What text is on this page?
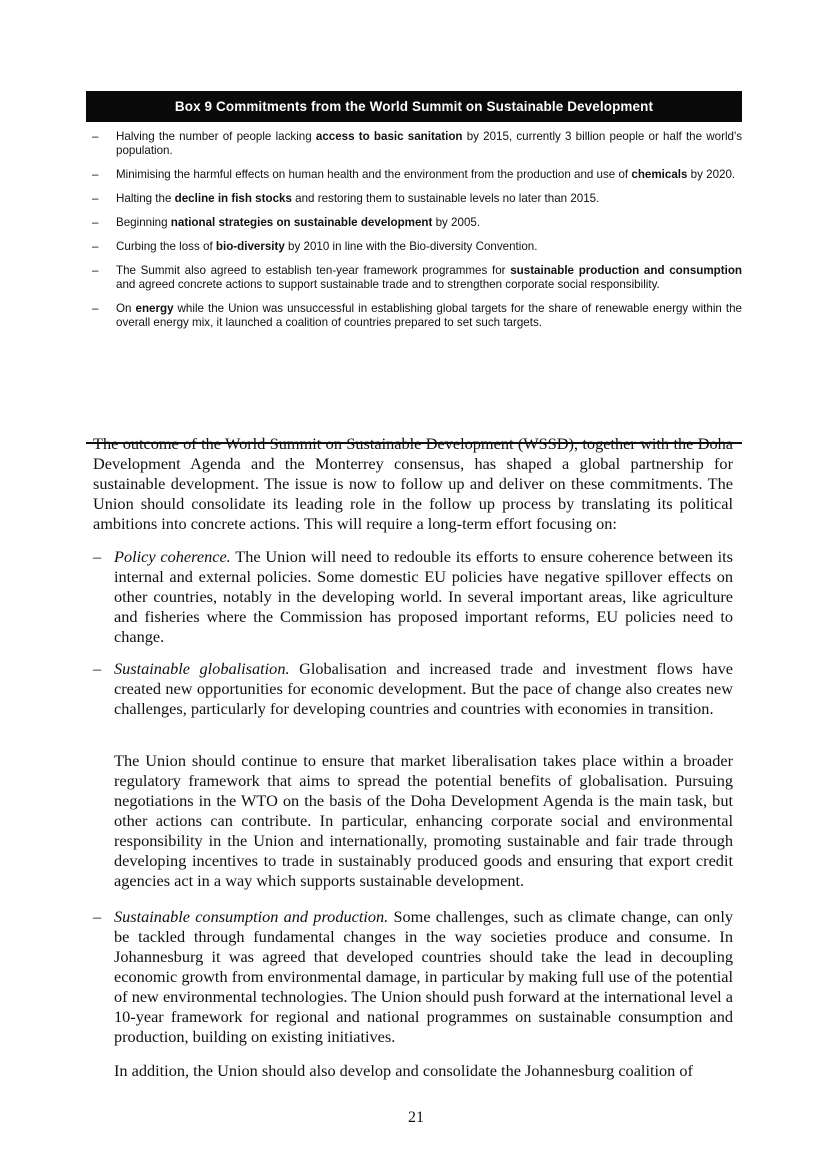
Box 9 Commitments from the World Summit on Sustainable Development
– Halving the number of people lacking access to basic sanitation by 2015, currently 3 billion people or half the world's population.
– Minimising the harmful effects on human health and the environment from the production and use of chemicals by 2020.
– Halting the decline in fish stocks and restoring them to sustainable levels no later than 2015.
– Beginning national strategies on sustainable development by 2005.
– Curbing the loss of bio-diversity by 2010 in line with the Bio-diversity Convention.
– The Summit also agreed to establish ten-year framework programmes for sustainable production and consumption and agreed concrete actions to support sustainable trade and to strengthen corporate social responsibility.
– On energy while the Union was unsuccessful in establishing global targets for the share of renewable energy within the overall energy mix, it launched a coalition of countries prepared to set such targets.

The outcome of the World Summit on Sustainable Development (WSSD), together with the Doha Development Agenda and the Monterrey consensus, has shaped a global partnership for sustainable development. The issue is now to follow up and deliver on these commitments. The Union should consolidate its leading role in the follow up process by translating its political ambitions into concrete actions. This will require a long-term effort focusing on:

– Policy coherence. The Union will need to redouble its efforts to ensure coherence between its internal and external policies. Some domestic EU policies have negative spillover effects on other countries, notably in the developing world. In several important areas, like agriculture and fisheries where the Commission has proposed important reforms, EU policies need to change.

– Sustainable globalisation. Globalisation and increased trade and investment flows have created new opportunities for economic development. But the pace of change also creates new challenges, particularly for developing countries and countries with economies in transition.

The Union should continue to ensure that market liberalisation takes place within a broader regulatory framework that aims to spread the potential benefits of globalisation. Pursuing negotiations in the WTO on the basis of the Doha Development Agenda is the main task, but other actions can contribute. In particular, enhancing corporate social and environmental responsibility in the Union and internationally, promoting sustainable and fair trade through developing incentives to trade in sustainably produced goods and ensuring that export credit agencies act in a way which supports sustainable development.

– Sustainable consumption and production. Some challenges, such as climate change, can only be tackled through fundamental changes in the way societies produce and consume. In Johannesburg it was agreed that developed countries should take the lead in decoupling economic growth from environmental damage, in particular by making full use of the potential of new environmental technologies. The Union should push forward at the international level a 10-year framework for regional and national programmes on sustainable consumption and production, building on existing initiatives.

In addition, the Union should also develop and consolidate the Johannesburg coalition of

21
